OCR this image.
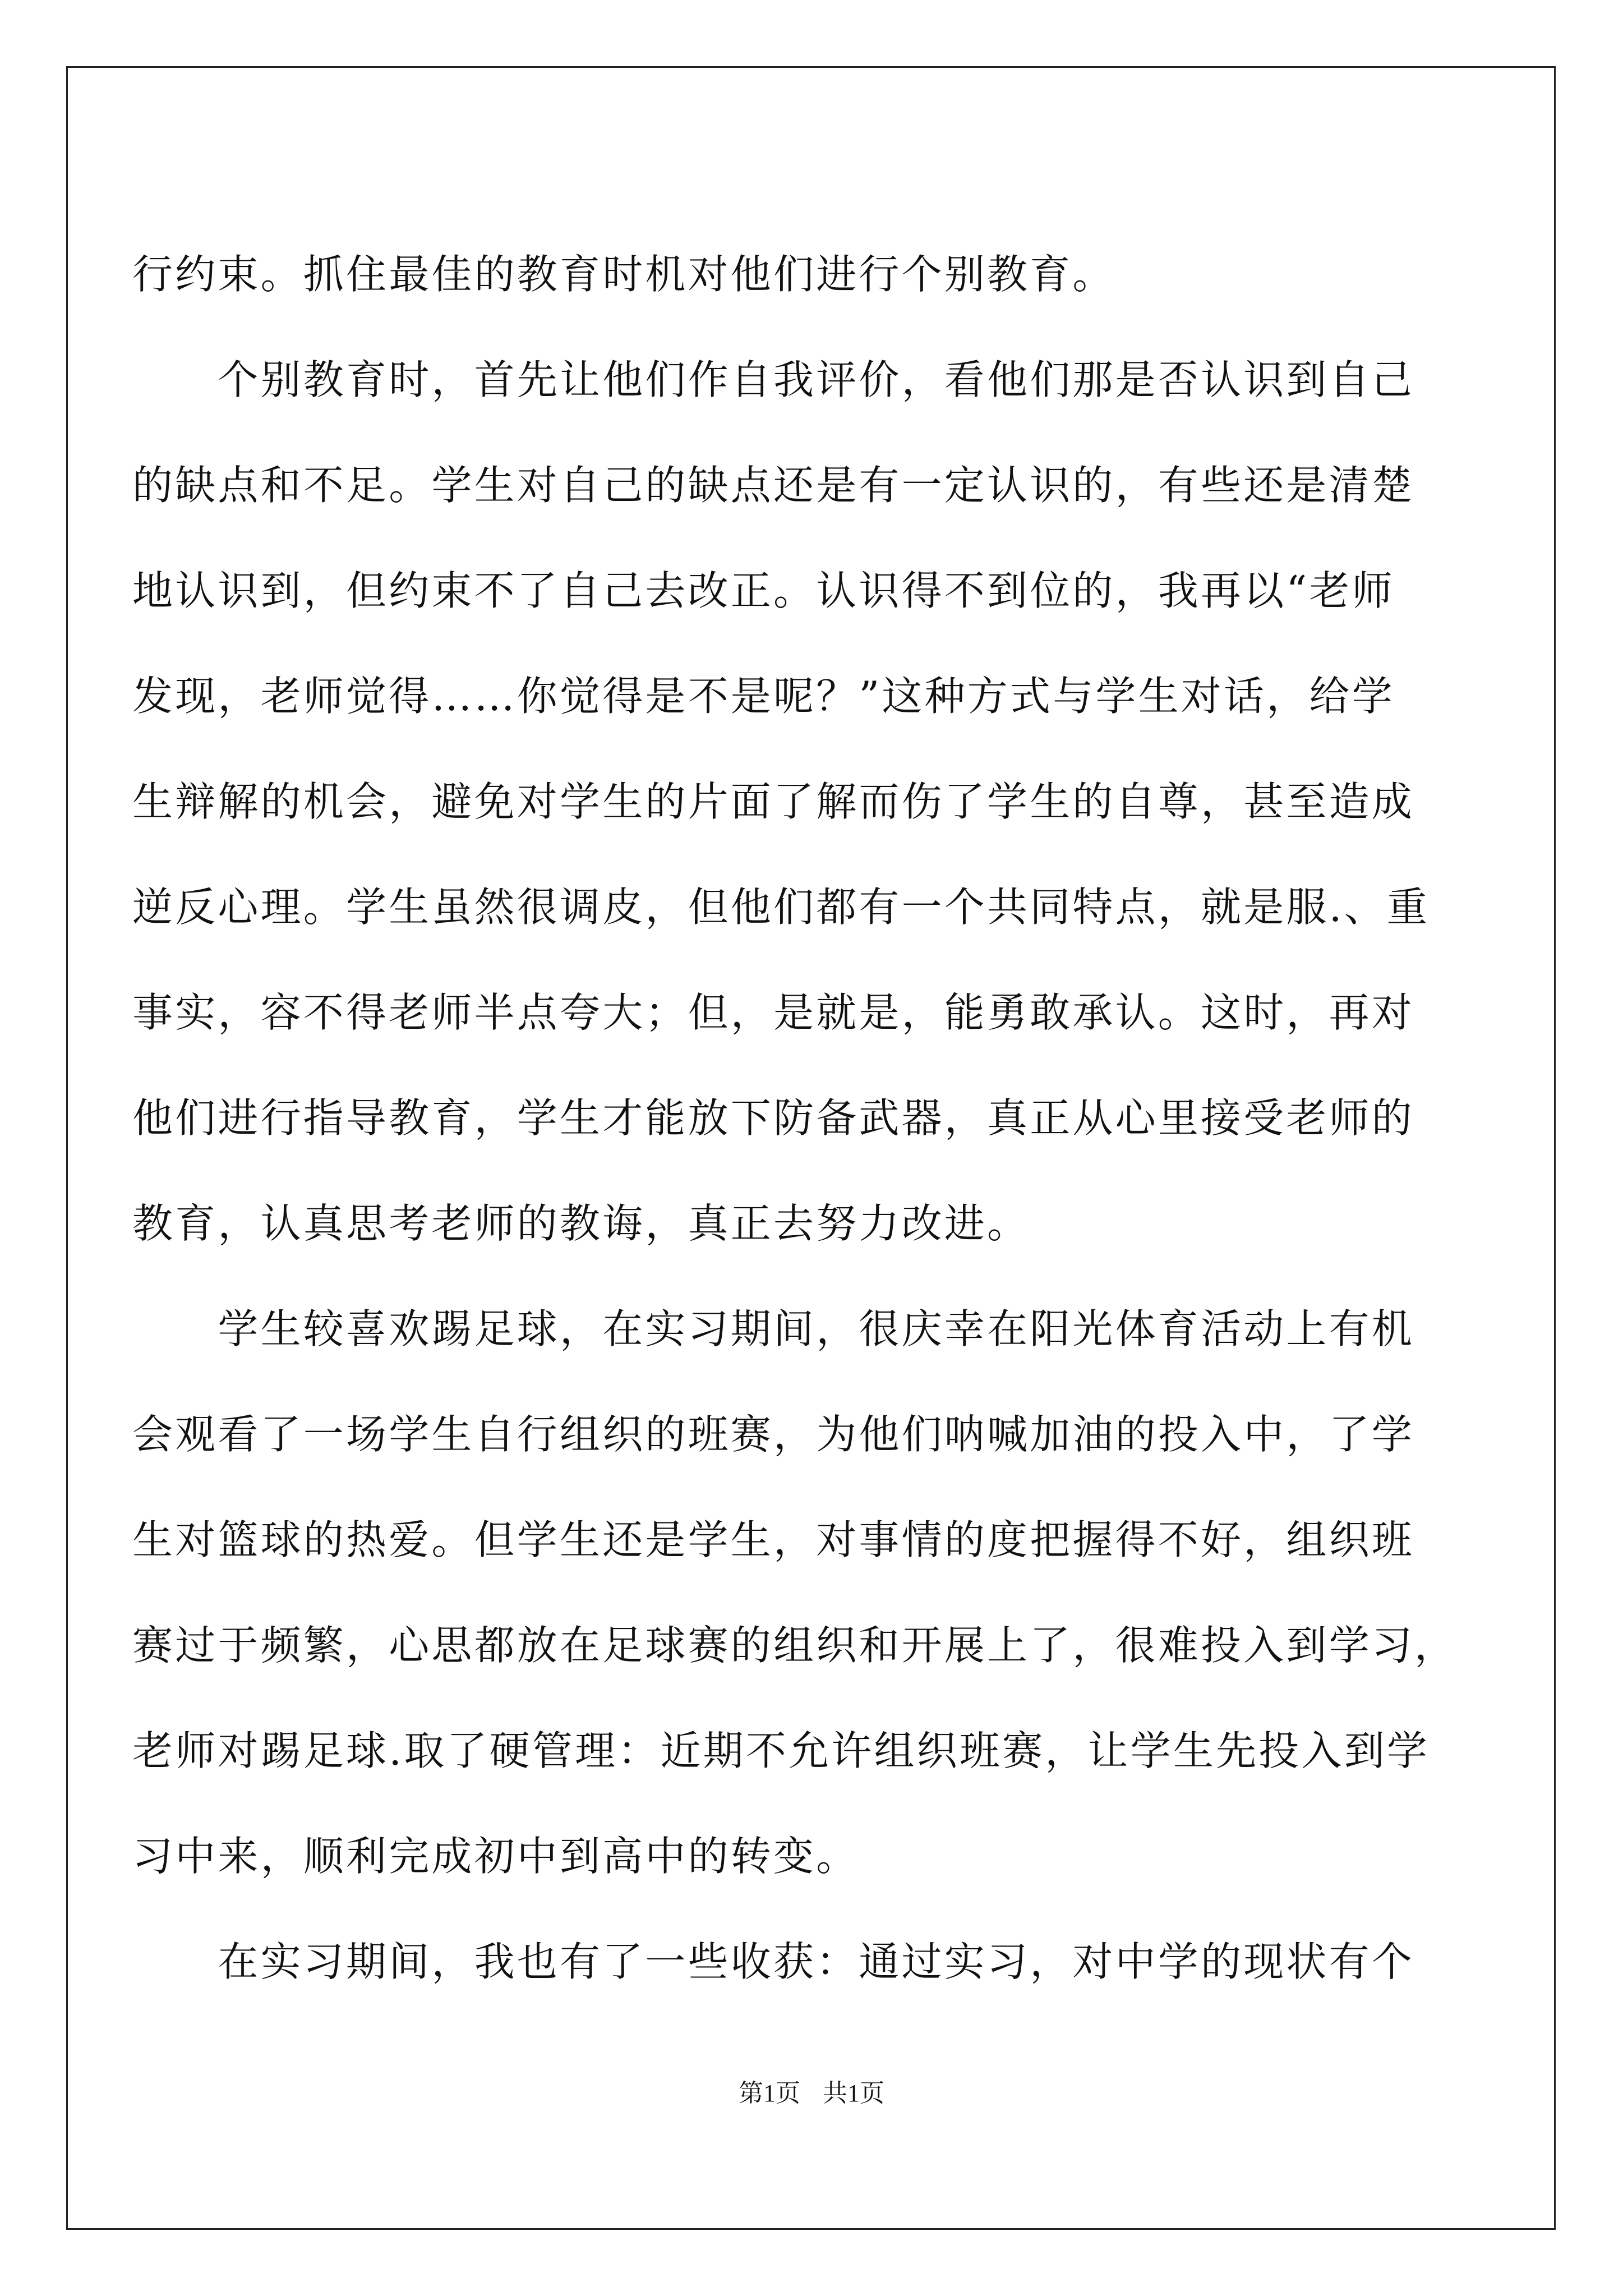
行约束。抓住最佳的教育时机对他们进行个别教育。
　　个别教育时，首先让他们作自我评价，看他们那是否认识到自己
的缺点和不足。学生对自己的缺点还是有一定认识的，有些还是清楚
地认识到，但约束不了自己去改正。认识得不到位的，我再以“老师
发现，老师觉得……你觉得是不是呢？”这种方式与学生对话，给学
生辩解的机会，避免对学生的片面了解而伤了学生的自尊，甚至造成
逆反心理。学生虽然很调皮，但他们都有一个共同特点，就是服.、重
事实，容不得老师半点夸大；但，是就是，能勇敢承认。这时，再对
他们进行指导教育，学生才能放下防备武器，真正从心里接受老师的
教育，认真思考老师的教诲，真正去努力改进。
　　学生较喜欢踢足球，在实习期间，很庆幸在阳光体育活动上有机
会观看了一场学生自行组织的班赛，为他们呐喊加油的投入中，了学
生对篮球的热爱。但学生还是学生，对事情的度把握得不好，组织班
赛过于频繁，心思都放在足球赛的组织和开展上了，很难投入到学习，
老师对踢足球.取了硬管理：近期不允许组织班赛，让学生先投入到学
习中来，顺利完成初中到高中的转变。
　　在实习期间，我也有了一些收获：通过实习，对中学的现状有个
第1页 共1页
